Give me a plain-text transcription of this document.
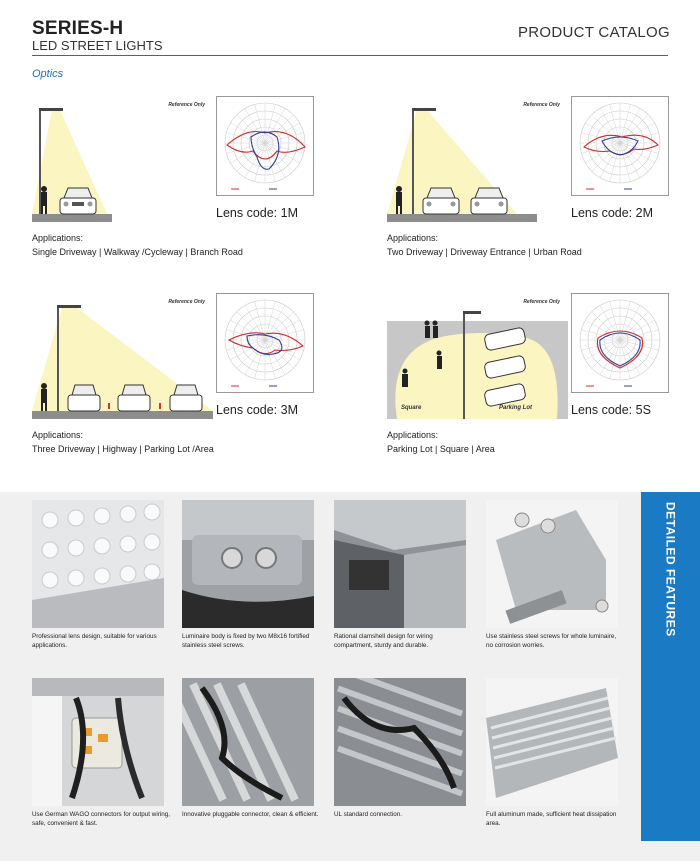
SERIES-H
LED STREET LIGHTS
PRODUCT CATALOG
Optics
Reference Only
Lens code: 1M
Applications:
Single Driveway | Walkway /Cycleway | Branch Road
Reference Only
Lens code: 2M
Applications:
Two Driveway | Driveway Entrance | Urban Road
Reference Only
Lens code: 3M
Applications:
Three Driveway | Highway | Parking Lot /Area
Reference Only
Square	Parking Lot	Lens code: 5S
Applications:
Parking Lot | Square | Area
DETAILED FEATURES
Professional lens design, suitable for various applications.
Luminaire body is fixed by two M8x16 fortified stainless steel screws.
Rational clamshell design for wiring compartment, sturdy and durable.
Use stainless steel screws for whole luminaire, no corrosion worries.
Use German WAGO connectors for output wiring, safe, convenient & fast.
Innovative pluggable connector, clean & efficient. UL standard connection.	Full aluminum made, sufficient heat dissipation area.
